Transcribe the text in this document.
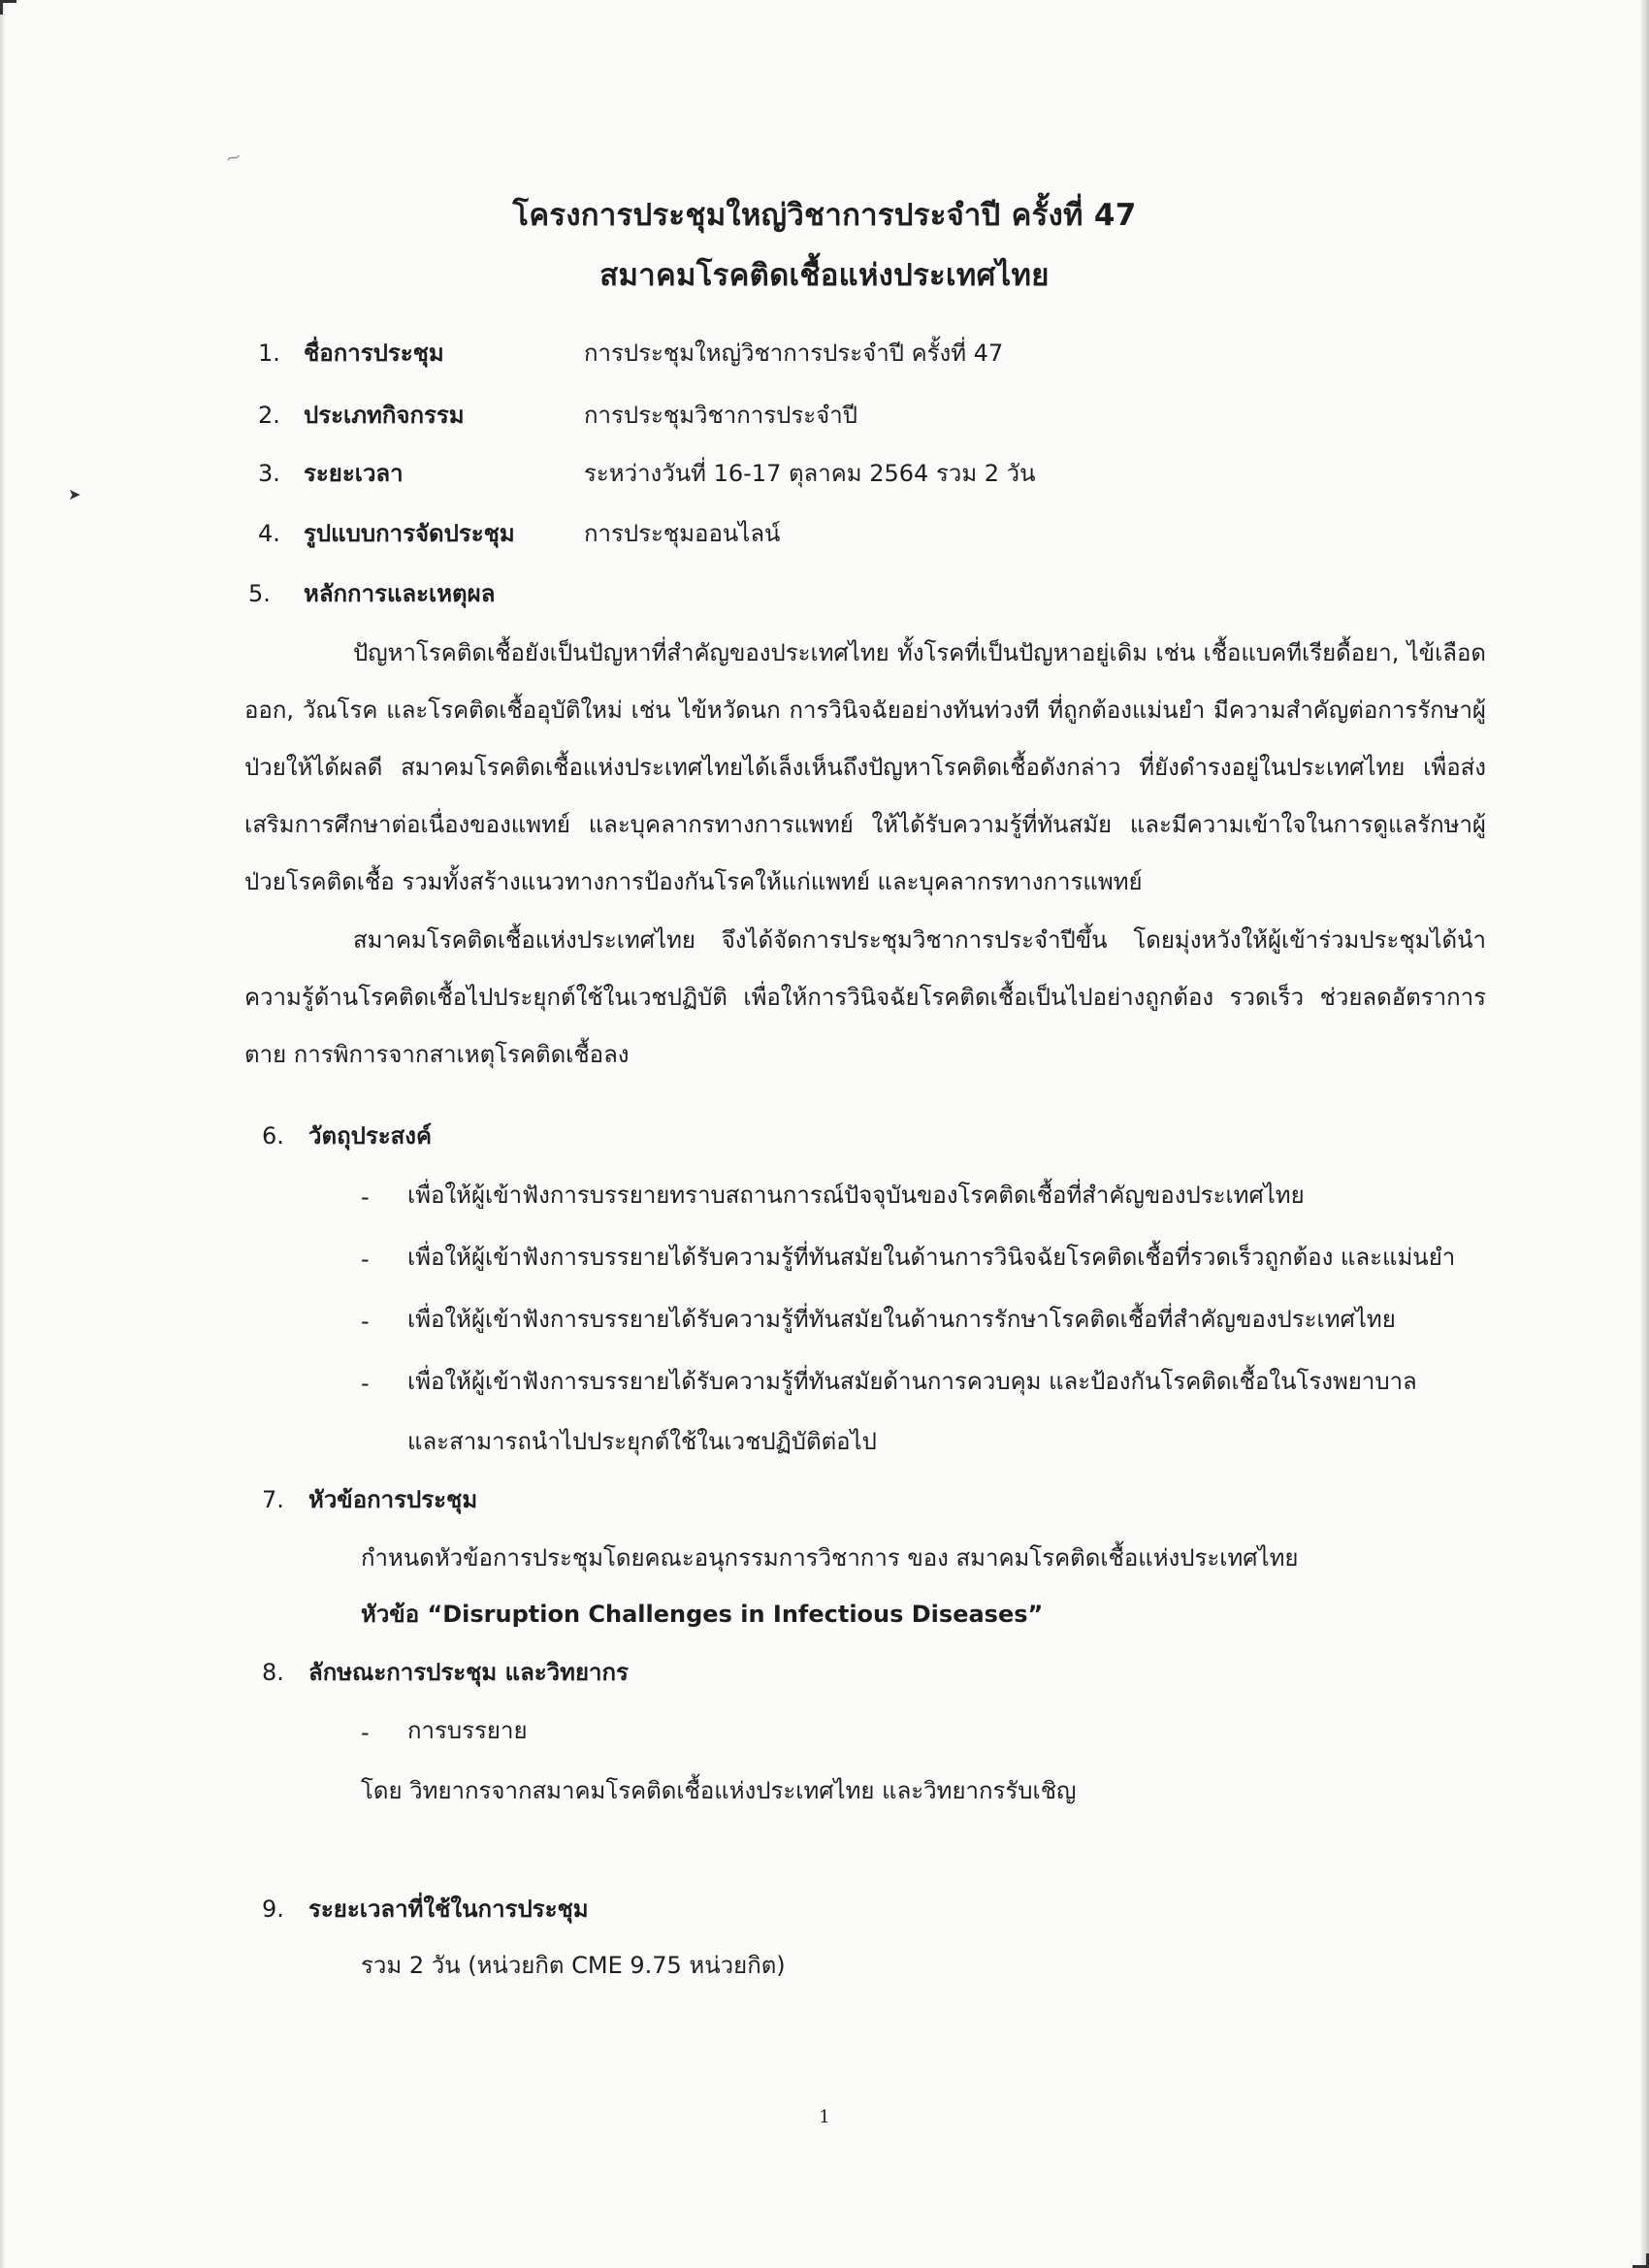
~
➤
โครงการประชุมใหญ่วิชาการประจำปี ครั้งที่ 47
สมาคมโรคติดเชื้อแห่งประเทศไทย
1. ชื่อการประชุม	การประชุมใหญ่วิชาการประจำปี ครั้งที่ 47
2. ประเภทกิจกรรม	การประชุมวิชาการประจำปี
3. ระยะเวลา	ระหว่างวันที่ 16-17 ตุลาคม 2564 รวม 2 วัน
4. รูปแบบการจัดประชุม	การประชุมออนไลน์
5. หลักการและเหตุผล
ปัญหาโรคติดเชื้อยังเป็นปัญหาที่สำคัญของประเทศไทย ทั้งโรคที่เป็นปัญหาอยู่เดิม เช่น เชื้อแบคทีเรียดื้อยา, ไข้เลือดออก, วัณโรค และโรคติดเชื้ออุบัติใหม่ เช่น ไข้หวัดนก การวินิจฉัยอย่างทันท่วงที ที่ถูกต้องแม่นยำ มีความสำคัญต่อการรักษาผู้ป่วยให้ได้ผลดี สมาคมโรคติดเชื้อแห่งประเทศไทยได้เล็งเห็นถึงปัญหาโรคติดเชื้อดังกล่าว ที่ยังดำรงอยู่ในประเทศไทย เพื่อส่งเสริมการศึกษาต่อเนื่องของแพทย์ และบุคลากรทางการแพทย์ ให้ได้รับความรู้ที่ทันสมัย และมีความเข้าใจในการดูแลรักษาผู้ป่วยโรคติดเชื้อ รวมทั้งสร้างแนวทางการป้องกันโรคให้แก่แพทย์ และบุคลากรทางการแพทย์
สมาคมโรคติดเชื้อแห่งประเทศไทย จึงได้จัดการประชุมวิชาการประจำปีขึ้น โดยมุ่งหวังให้ผู้เข้าร่วมประชุมได้นำความรู้ด้านโรคติดเชื้อไปประยุกต์ใช้ในเวชปฏิบัติ เพื่อให้การวินิจฉัยโรคติดเชื้อเป็นไปอย่างถูกต้อง รวดเร็ว ช่วยลดอัตราการตาย การพิการจากสาเหตุโรคติดเชื้อลง
6. วัตถุประสงค์
- เพื่อให้ผู้เข้าฟังการบรรยายทราบสถานการณ์ปัจจุบันของโรคติดเชื้อที่สำคัญของประเทศไทย
- เพื่อให้ผู้เข้าฟังการบรรยายได้รับความรู้ที่ทันสมัยในด้านการวินิจฉัยโรคติดเชื้อที่รวดเร็วถูกต้อง และแม่นยำ
- เพื่อให้ผู้เข้าฟังการบรรยายได้รับความรู้ที่ทันสมัยในด้านการรักษาโรคติดเชื้อที่สำคัญของประเทศไทย
- เพื่อให้ผู้เข้าฟังการบรรยายได้รับความรู้ที่ทันสมัยด้านการควบคุม และป้องกันโรคติดเชื้อในโรงพยาบาล
และสามารถนำไปประยุกต์ใช้ในเวชปฏิบัติต่อไป
7. หัวข้อการประชุม
กำหนดหัวข้อการประชุมโดยคณะอนุกรรมการวิชาการ ของ สมาคมโรคติดเชื้อแห่งประเทศไทย
หัวข้อ “Disruption Challenges in Infectious Diseases”
8. ลักษณะการประชุม และวิทยากร
- การบรรยาย
โดย วิทยากรจากสมาคมโรคติดเชื้อแห่งประเทศไทย และวิทยากรรับเชิญ
9. ระยะเวลาที่ใช้ในการประชุม
รวม 2 วัน (หน่วยกิต CME 9.75 หน่วยกิต)
1
